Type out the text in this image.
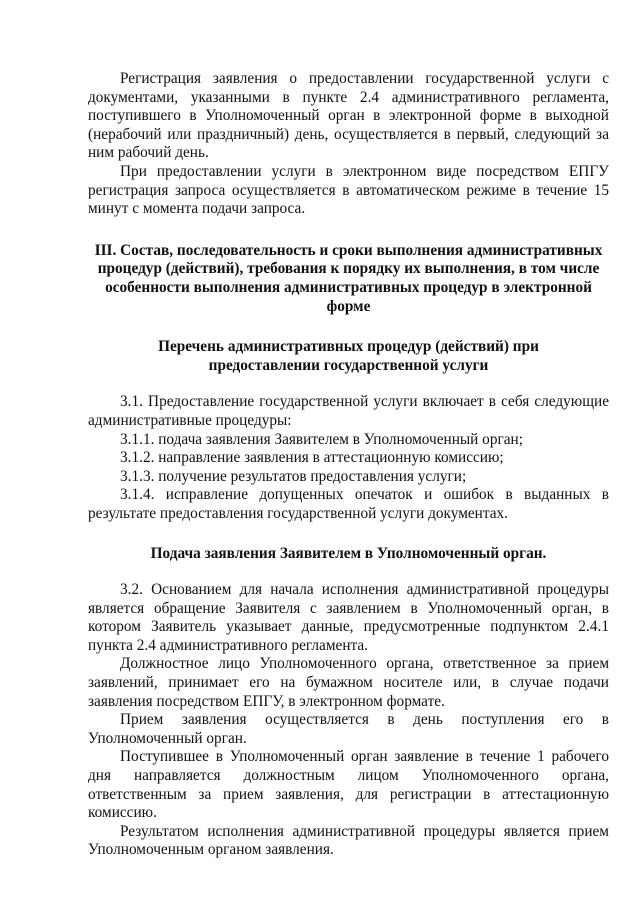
Регистрация заявления о предоставлении государственной услуги с документами, указанными в пункте 2.4 административного регламента, поступившего в Уполномоченный орган в электронной форме в выходной (нерабочий или праздничный) день, осуществляется в первый, следующий за ним рабочий день.

При предоставлении услуги в электронном виде посредством ЕПГУ регистрация запроса осуществляется в автоматическом режиме в течение 15 минут с момента подачи запроса.

III. Состав, последовательность и сроки выполнения административных процедур (действий), требования к порядку их выполнения, в том числе особенности выполнения административных процедур в электронной форме
Перечень административных процедур (действий) при предоставлении государственной услуги

3.1. Предоставление государственной услуги включает в себя следующие административные процедуры:

3.1.1. подача заявления Заявителем в Уполномоченный орган;

3.1.2. направление заявления в аттестационную комиссию;

3.1.3. получение результатов предоставления услуги;

3.1.4. исправление допущенных опечаток и ошибок в выданных в результате предоставления государственной услуги документах.

Подача заявления Заявителем в Уполномоченный орган.

3.2. Основанием для начала исполнения административной процедуры является обращение Заявителя с заявлением в Уполномоченный орган, в котором Заявитель указывает данные, предусмотренные подпунктом 2.4.1 пункта 2.4 административного регламента.

Должностное лицо Уполномоченного органа, ответственное за прием заявлений, принимает его на бумажном носителе или, в случае подачи заявления посредством ЕПГУ, в электронном формате.

Прием заявления осуществляется в день поступления его в Уполномоченный орган.

Поступившее в Уполномоченный орган заявление в течение 1 рабочего дня направляется должностным лицом Уполномоченного органа, ответственным за прием заявления, для регистрации в аттестационную комиссию.

Результатом исполнения административной процедуры является прием Уполномоченным органом заявления.
